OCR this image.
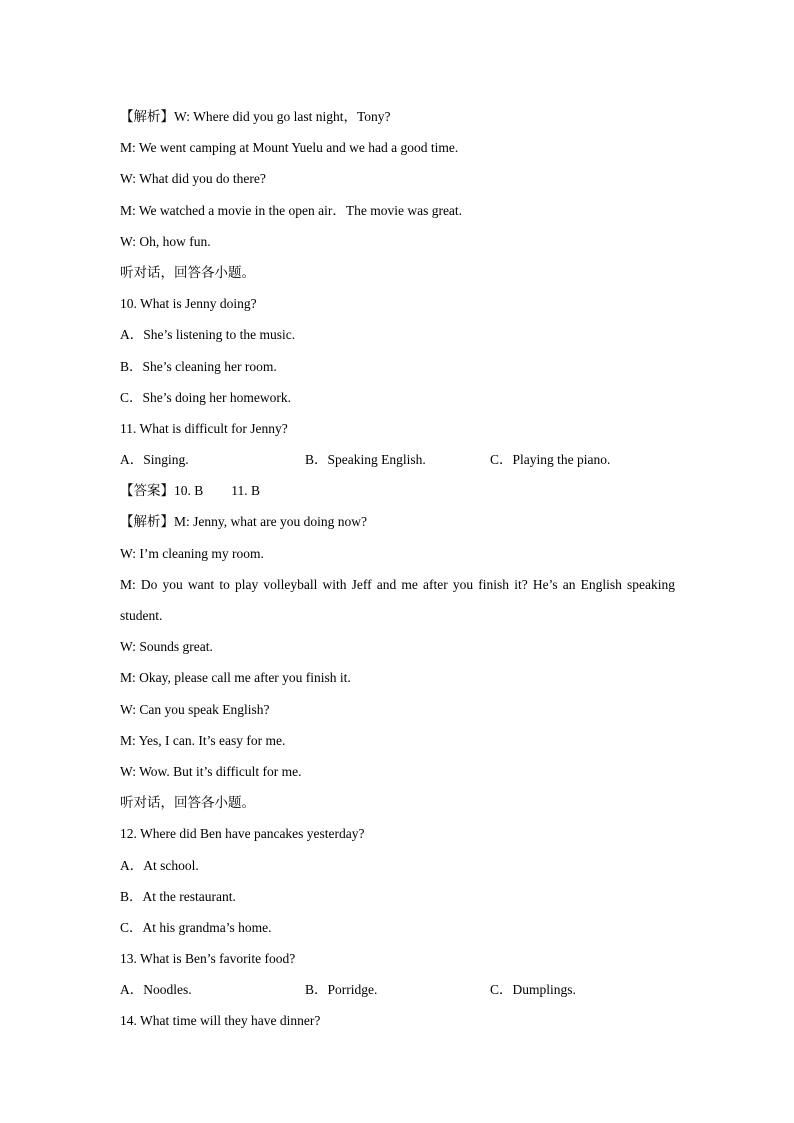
【解析】W: Where did you go last night，Tony?
M: We went camping at Mount Yuelu and we had a good time.
W: What did you do there?
M: We watched a movie in the open air．The movie was great.
W: Oh, how fun.
听对话，回答各小题。
10. What is Jenny doing?
A．She’s listening to the music.
B．She’s cleaning her room.
C．She’s doing her homework.
11. What is difficult for Jenny?
A．Singing.	B．Speaking English.	C．Playing the piano.
【答案】10. B 11. B
【解析】M: Jenny, what are you doing now?
W: I’m cleaning my room.
M: Do you want to play volleyball with Jeff and me after you finish it? He’s an English speaking student.
W: Sounds great.
M: Okay, please call me after you finish it.
W: Can you speak English?
M: Yes, I can. It’s easy for me.
W: Wow. But it’s difficult for me.
听对话，回答各小题。
12. Where did Ben have pancakes yesterday?
A．At school.
B．At the restaurant.
C．At his grandma’s home.
13. What is Ben’s favorite food?
A．Noodles.	B．Porridge.	C．Dumplings.
14. What time will they have dinner?
